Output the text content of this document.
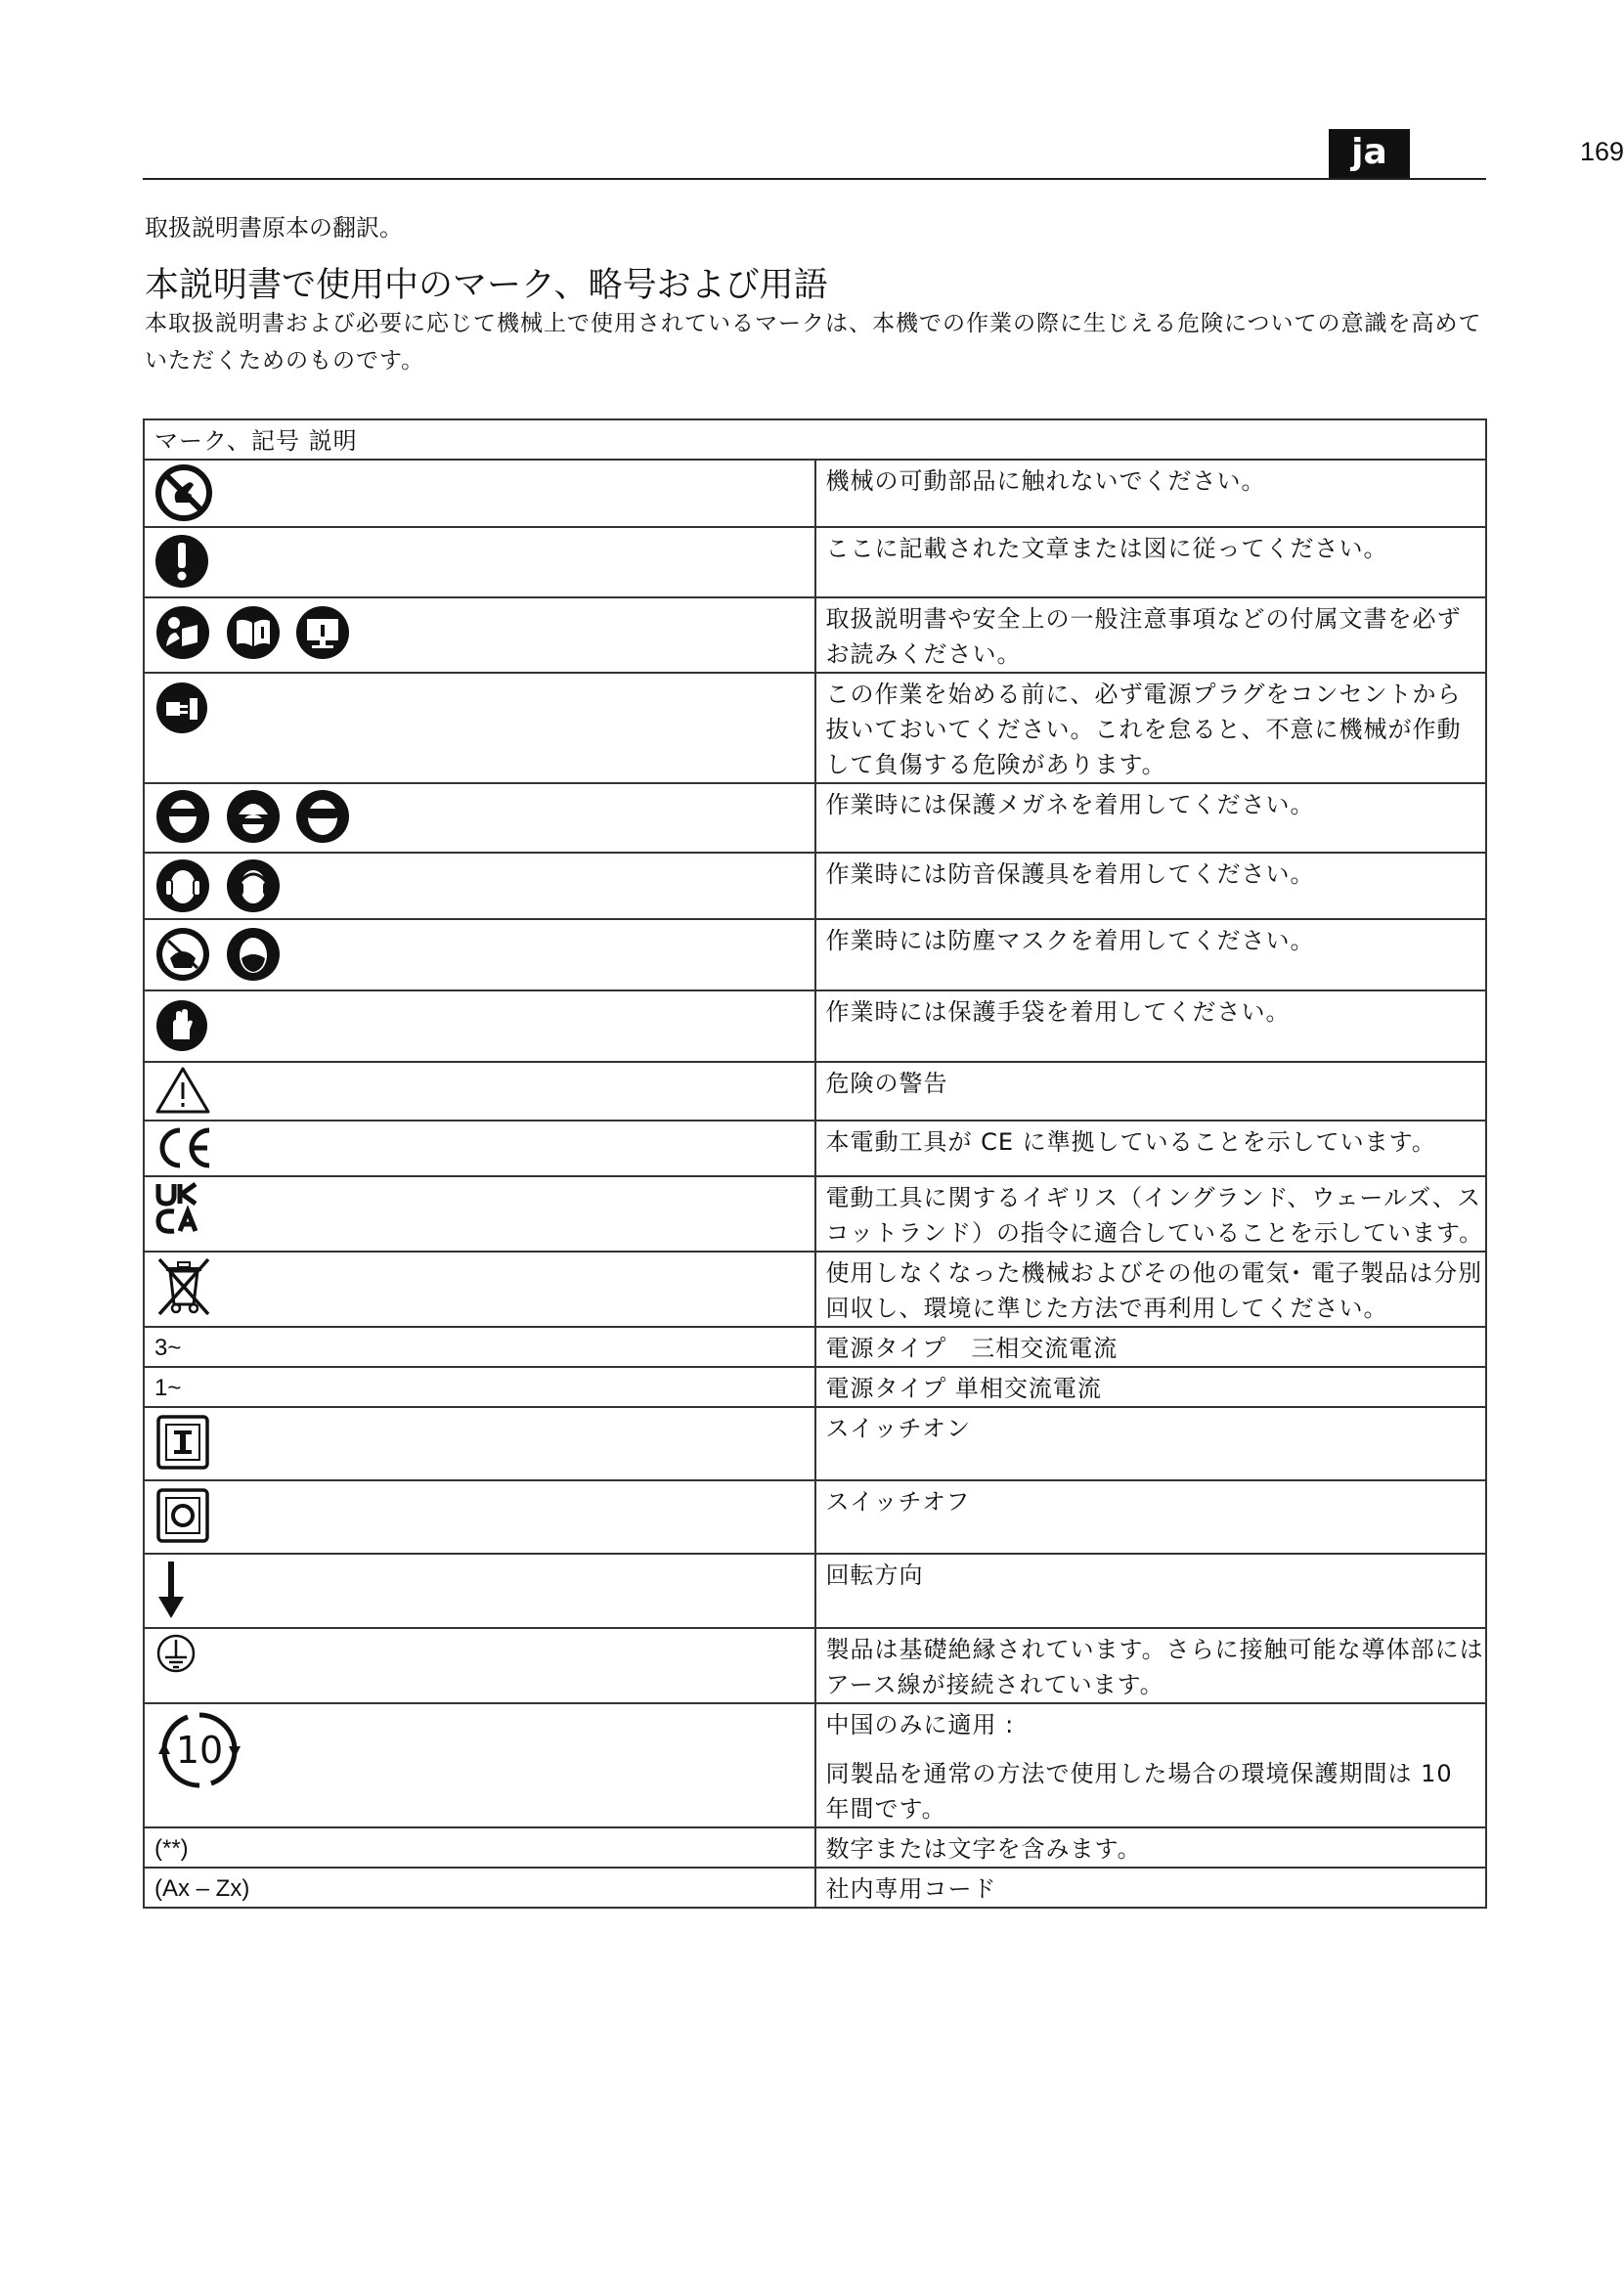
ja	169
取扱説明書原本の翻訳。
本説明書で使用中のマーク、略号および用語
本取扱説明書および必要に応じて機械上で使用されているマークは、本機での作業の際に生じえる危険についての意識を高めていただくためのものです。
マーク、記号 説明	

	機械の可動部品に触れないでください。

	ここに記載された文章または図に従ってください。

	取扱説明書や安全上の一般注意事項などの付属文書を必ずお読みください。

	この作業を始める前に、必ず電源プラグをコンセントから抜いておいてください。これを怠ると、不意に機械が作動して負傷する危険があります。

	作業時には保護メガネを着用してください。

	作業時には防音保護具を着用してください。

	作業時には防塵マスクを着用してください。

	作業時には保護手袋を着用してください。

	危険の警告

	本電動工具が CE に準拠していることを示しています。

	電動工具に関するイギリス（イングランド、ウェールズ、スコットランド）の指令に適合していることを示しています。

	使用しなくなった機械およびその他の電気･ 電子製品は分別回収し、環境に準じた方法で再利用してください。
3~	電源タイプ　三相交流電流
1~	電源タイプ 単相交流電流

	スイッチオン

	スイッチオフ

	回転方向

	製品は基礎絶縁されています。さらに接触可能な導体部にはアース線が接続されています。

10	中国のみに適用 :
同製品を通常の方法で使用した場合の環境保護期間は 10 年間です。

(**)	数字または文字を含みます。
(Ax – Zx)	社内専用コード
